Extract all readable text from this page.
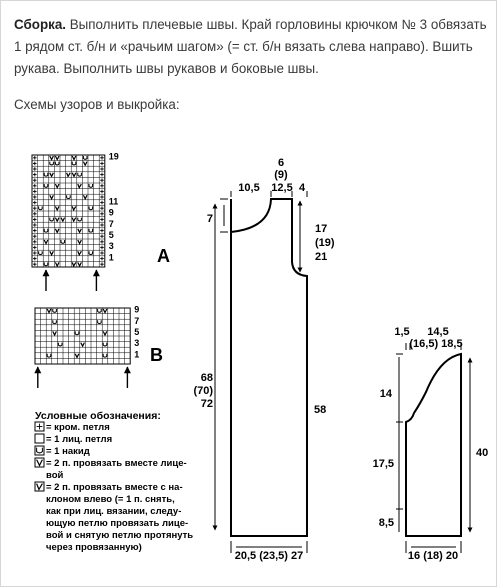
Сборка. Выполнить плечевые швы. Край горловины крючком № 3 обвязать 1 рядом ст. б/н и «рачьим шагом» (= ст. б/н вязать слева направо). Вшить рукава. Выполнить швы рукавов и боковые швы.
Схемы узоров и выкройка:
19
11
9
7
5
3
1 A
9
7
5
3
1 B
Условные обозначения:
= кром. петля
= 1 лиц. петля
= 1 накид
= 2 п. провязать вместе лице-
вой
= 2 п. провязать вместе с на-
клоном влево (= 1 п. снять,
как при лиц. вязании, следу-
ющую петлю провязать лице-
вой и снятую петлю протянуть
через провязанную)
6
(9)
10,5 12,5 4
7
17
(19)
21
68
(70)
72	58
20,5 (23,5) 27
1,5 14,5
(16,5) 18,5
14
17,5
8,5
40
16 (18) 20
